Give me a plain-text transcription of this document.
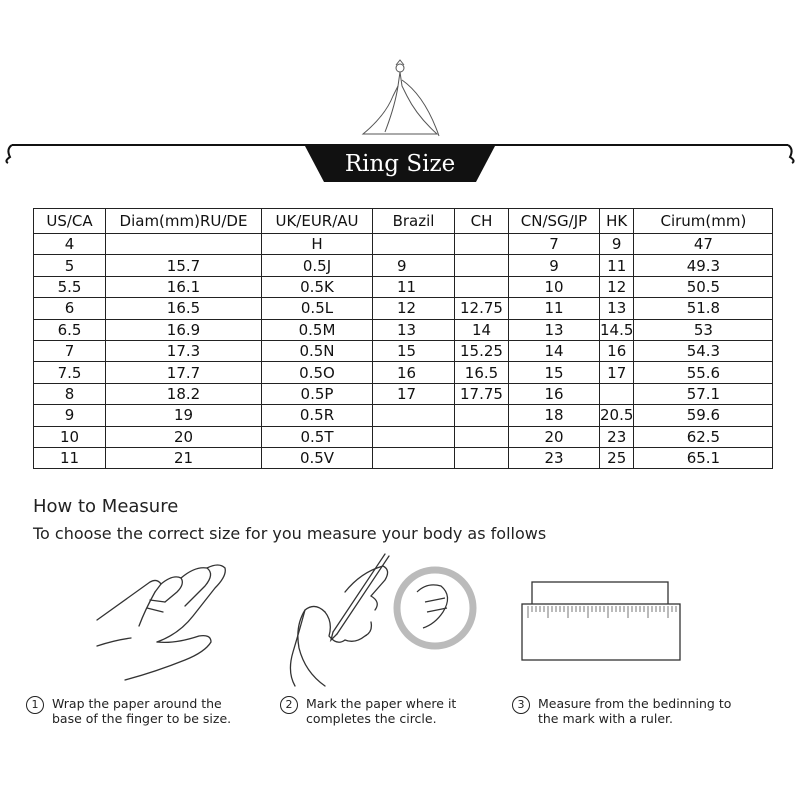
Ring Size
US/CA	Diam(mm)RU/DE	UK/EUR/AU	Brazil	CH	CN/SG/JP	HK	Cirum(mm)
4		H			7	9	47
5	15.7	0.5J	9		9	11	49.3
5.5	16.1	0.5K	11		10	12	50.5
6	16.5	0.5L	12	12.75	11	13	51.8
6.5	16.9	0.5M	13	14	13	14.5	53
7	17.3	0.5N	15	15.25	14	16	54.3
7.5	17.7	0.5O	16	16.5	15	17	55.6
8	18.2	0.5P	17	17.75	16		57.1
9	19	0.5R			18	20.5	59.6
10	20	0.5T			20	23	62.5
11	21	0.5V			23	25	65.1
How to Measure
To choose the correct size for you measure your body as follows
1 Wrap the paper around the
base of the finger to be size.
2 Mark the paper where it
completes the circle.
3 Measure from the bedinning to
the mark with a ruler.
